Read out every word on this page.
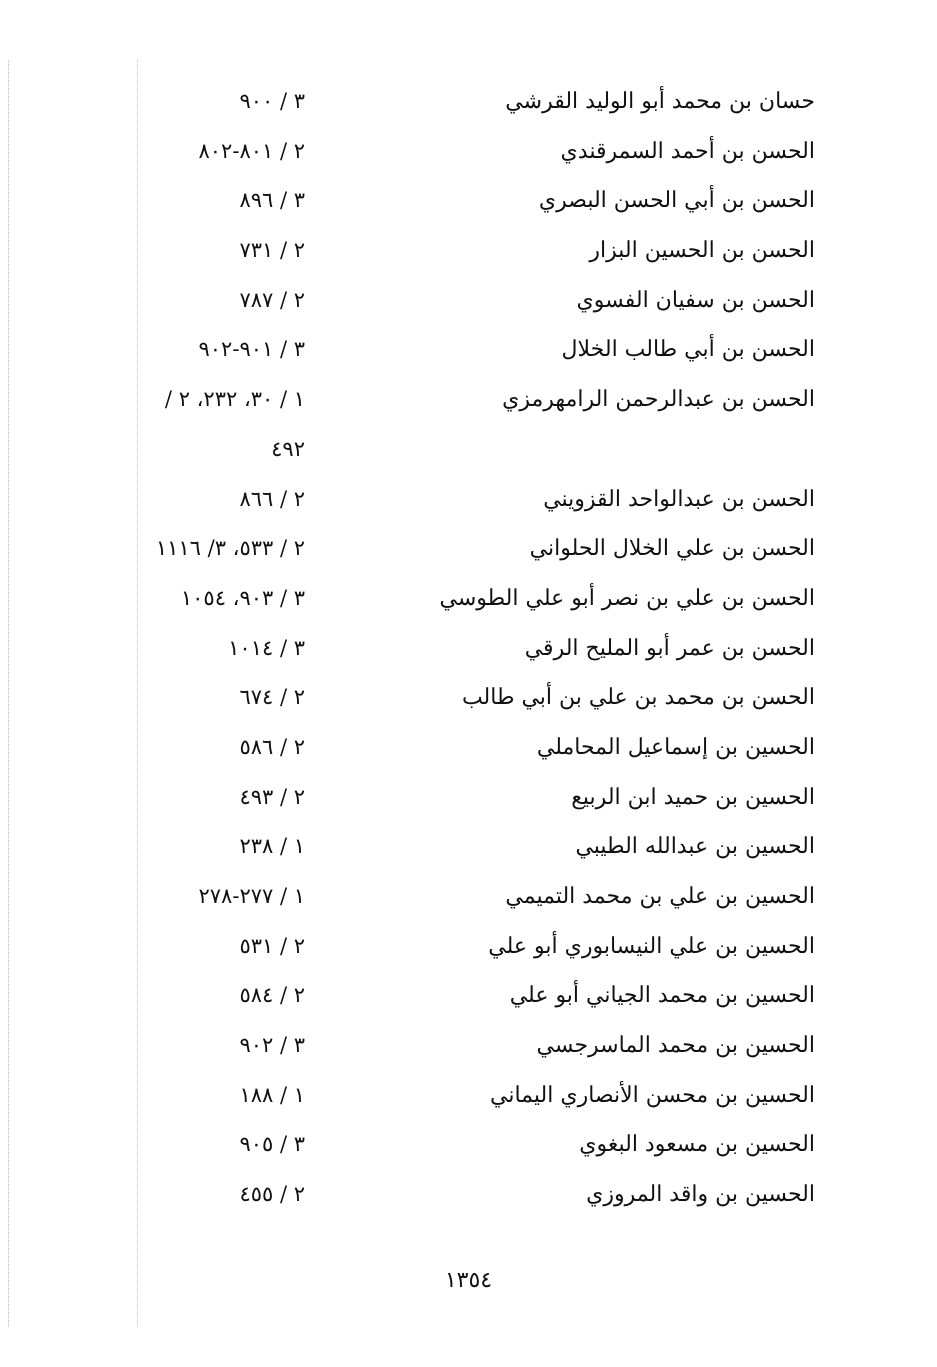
حسان بن محمد أبو الوليد القرشي
٣ / ٩٠٠
الحسن بن أحمد السمرقندي
٢ / ٨٠١-٨٠٢
الحسن بن أبي الحسن البصري
٣ / ٨٩٦
الحسن بن الحسين البزار
٢ / ٧٣١
الحسن بن سفيان الفسوي
٢ / ٧٨٧
الحسن بن أبي طالب الخلال
٣ / ٩٠١-٩٠٢
الحسن بن عبدالرحمن الرامهرمزي
١ / ٣٠، ٢٣٢، ٢ /
٤٩٢
الحسن بن عبدالواحد القزويني
٢ / ٨٦٦
الحسن بن علي الخلال الحلواني
٢ / ٥٣٣، ٣/ ١١١٦
الحسن بن علي بن نصر أبو علي الطوسي
٣ / ٩٠٣، ١٠٥٤
الحسن بن عمر أبو المليح الرقي
٣ / ١٠١٤
الحسن بن محمد بن علي بن أبي طالب
٢ / ٦٧٤
الحسين بن إسماعيل المحاملي
٢ / ٥٨٦
الحسين بن حميد ابن الربيع
٢ / ٤٩٣
الحسين بن عبدالله الطيبي
١ / ٢٣٨
الحسين بن علي بن محمد التميمي
١ / ٢٧٧-٢٧٨
الحسين بن علي النيسابوري أبو علي
٢ / ٥٣١
الحسين بن محمد الجياني أبو علي
٢ / ٥٨٤
الحسين بن محمد الماسرجسي
٣ / ٩٠٢
الحسين بن محسن الأنصاري اليماني
١ / ١٨٨
الحسين بن مسعود البغوي
٣ / ٩٠٥
الحسين بن واقد المروزي
٢ / ٤٥٥
١٣٥٤
